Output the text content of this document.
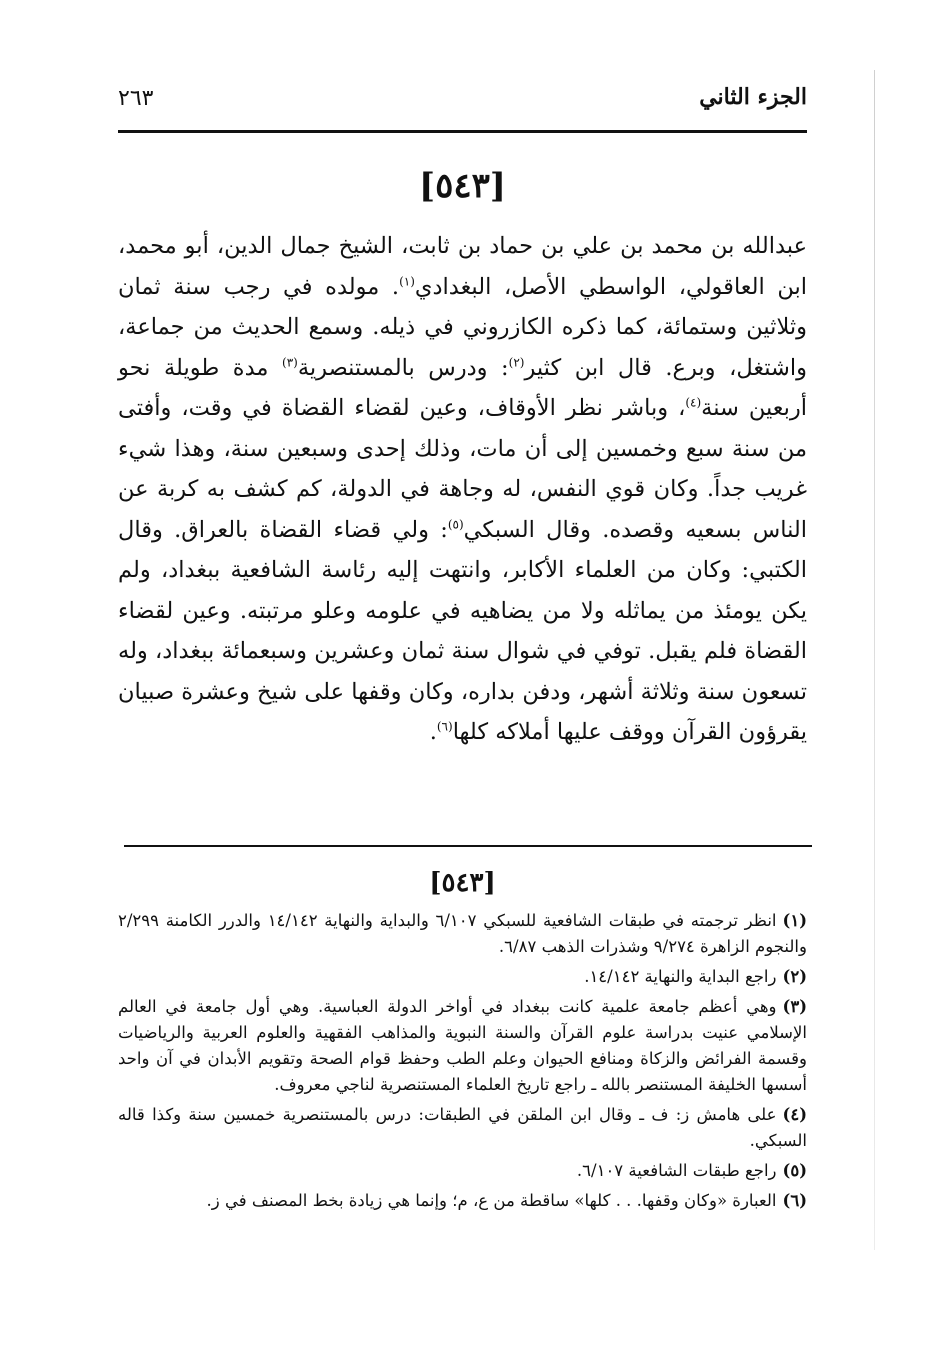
الجزء الثاني
٢٦٣
[٥٤٣]

عبدالله بن محمد بن علي بن حماد بن ثابت، الشيخ جمال الدين، أبو محمد، ابن العاقولي، الواسطي الأصل، البغدادي$^{(١)}$. مولده في رجب سنة ثمان وثلاثين وستمائة، كما ذكره الكازروني في ذيله. وسمع الحديث من جماعة، واشتغل، وبرع. قال ابن كثير$^{(٢)}$: ودرس بالمستنصرية$^{(٣)}$ مدة طويلة نحو أربعين سنة$^{(٤)}$، وباشر نظر الأوقاف، وعين لقضاء القضاة في وقت، وأفتى من سنة سبع وخمسين إلى أن مات، وذلك إحدى وسبعين سنة، وهذا شيء غريب جداً. وكان قوي النفس، له وجاهة في الدولة، كم كشف به كربة عن الناس بسعيه وقصده. وقال السبكي$^{(٥)}$: ولي قضاء القضاة بالعراق. وقال الكتبي: وكان من العلماء الأكابر، وانتهت إليه رئاسة الشافعية ببغداد، ولم يكن يومئذ من يماثله ولا من يضاهيه في علومه وعلو مرتبته. وعين لقضاء القضاة فلم يقبل. توفي في شوال سنة ثمان وعشرين وسبعمائة ببغداد، وله تسعون سنة وثلاثة أشهر، ودفن بداره، وكان وقفها على شيخ وعشرة صبيان يقرؤون القرآن ووقف عليها أملاكه كلها$^{(٦)}$.

[٥٤٣]
(١)انظر ترجمته في طبقات الشافعية للسبكي ٦/١٠٧ والبداية والنهاية ١٤/١٤٢ والدرر الكامنة ٢/٢٩٩ والنجوم الزاهرة ٩/٢٧٤ وشذرات الذهب ٦/٨٧.
(٢)راجع البداية والنهاية ١٤/١٤٢.
(٣)وهي أعظم جامعة علمية كانت ببغداد في أواخر الدولة العباسية. وهي أول جامعة في العالم الإسلامي عنيت بدراسة علوم القرآن والسنة النبوية والمذاهب الفقهية والعلوم العربية والرياضيات وقسمة الفرائض والزكاة ومنافع الحيوان وعلم الطب وحفظ قوام الصحة وتقويم الأبدان في آن واحد أسسها الخليفة المستنصر بالله ـ راجع تاريخ العلماء المستنصرية لناجي معروف.
(٤)على هامش ز: ف ـ وقال ابن الملقن في الطبقات: درس بالمستنصرية خمسين سنة وكذا قاله السبكي.
(٥)راجع طبقات الشافعية ٦/١٠٧.
(٦)العبارة «وكان وقفها. . . كلها» ساقطة من ع، م؛ وإنما هي زيادة بخط المصنف في ز.
